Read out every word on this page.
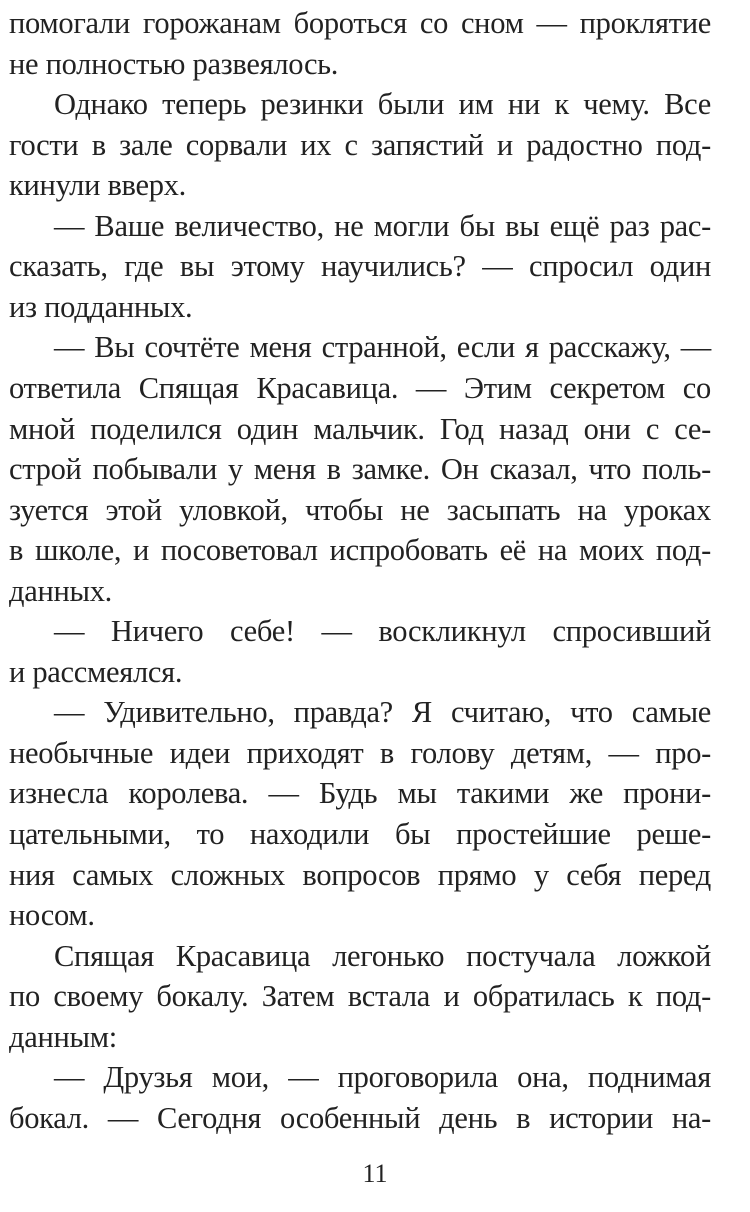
помогали горожанам бороться со сном — проклятие
не полностью развеялось.
Однако теперь резинки были им ни к чему. Все
гости в зале сорвали их с запястий и радостно под-
кинули вверх.
— Ваше величество, не могли бы вы ещё раз рас-
сказать, где вы этому научились? — спросил один
из подданных.
— Вы сочтёте меня странной, если я расскажу, —
ответила Спящая Красавица. — Этим секретом со
мной поделился один мальчик. Год назад они с се-
строй побывали у меня в замке. Он сказал, что поль-
зуется этой уловкой, чтобы не засыпать на уроках
в школе, и посоветовал испробовать её на моих под-
данных.
— Ничего себе! — воскликнул спросивший
и рассмеялся.
— Удивительно, правда? Я считаю, что самые
необычные идеи приходят в голову детям, — про-
изнесла королева. — Будь мы такими же прони-
цательными, то находили бы простейшие реше-
ния самых сложных вопросов прямо у себя перед
носом.
Спящая Красавица легонько постучала ложкой
по своему бокалу. Затем встала и обратилась к под-
данным:
— Друзья мои, — проговорила она, поднимая
бокал. — Сегодня особенный день в истории на-
11
